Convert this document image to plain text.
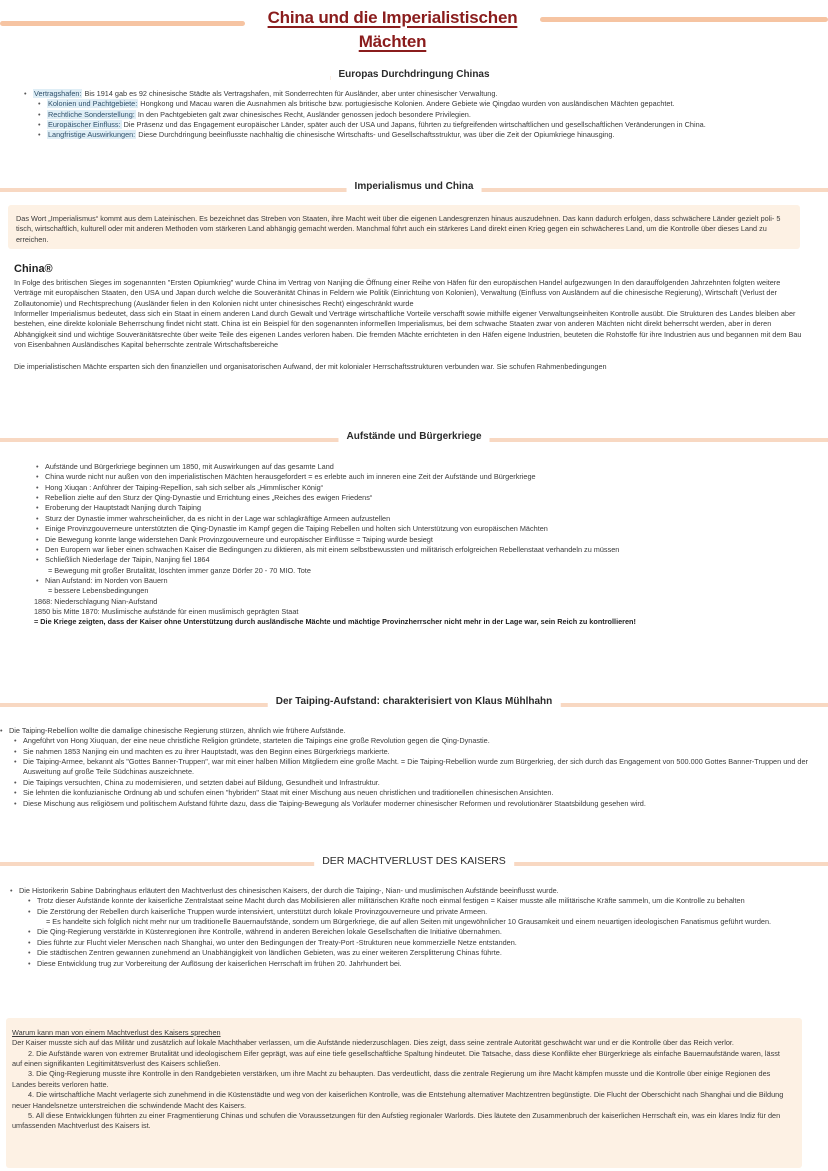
China und die Imperialistischen Mächten
Europas Durchdringung Chinas
• Vertragshafen: Bis 1914 gab es 92 chinesische Städte als Vertragshafen, mit Sonderrechten für Ausländer, aber unter chinesischer Verwaltung.
• Kolonien und Pachtgebiete: Hongkong und Macau waren die Ausnahmen als britische bzw. portugiesische Kolonien. Andere Gebiete wie Qingdao wurden von ausländischen Mächten gepachtet.
• Rechtliche Sonderstellung: In den Pachtgebieten galt zwar chinesisches Recht, Ausländer genossen jedoch besondere Privilegien.
• Europäischer Einfluss: Die Präsenz und das Engagement europäischer Länder, später auch der USA und Japans, führten zu tiefgreifenden wirtschaftlichen und gesellschaftlichen Veränderungen in China.
• Langfristige Auswirkungen: Diese Durchdringung beeinflusste nachhaltig die chinesische Wirtschafts- und Gesellschaftsstruktur, was über die Zeit der Opiumkriege hinausging.
Imperialismus und China
Das Wort „Imperialismus“ kommt aus dem Lateinischen. Es bezeichnet das Streben von Staaten, ihre Macht weit über die eigenen Landesgrenzen hinaus auszudehnen. Das kann dadurch erfolgen, dass schwächere Länder gezielt poli- 5 tisch, wirtschaftlich, kulturell oder mit anderen Methoden vom stärkeren Land abhängig gemacht werden. Manchmal führt auch ein stärkeres Land direkt einen Krieg gegen ein schwächeres Land, um die Kontrolle über dieses Land zu erreichen.
China®

In Folge des britischen Sieges im sogenannten "Ersten Opiumkrieg" wurde China im Vertrag von Nanjing die Öffnung einer Reihe von Häfen für den europäischen Handel aufgezwungen In den darauffolgenden Jahrzehnten folgten weitere Verträge mit europäischen Staaten, den USA und Japan durch welche die Souveränität Chinas in Feldern wie Politik (Einrichtung von Kolonien), Verwaltung (Einfluss von Ausländern auf die chinesische Regierung), Wirtschaft (Verlust der Zollautonomie) und Rechtsprechung (Ausländer fielen in den Kolonien nicht unter chinesisches Recht) eingeschränkt wurde

Informeller Imperialismus bedeutet, dass sich ein Staat in einem anderen Land durch Gewalt und Verträge wirtschaftliche Vorteile verschafft sowie mithilfe eigener Verwaltungseinheiten Kontrolle ausübt. Die Strukturen des Landes bleiben aber bestehen, eine direkte koloniale Beherrschung findet nicht statt. China ist ein Beispiel für den sogenannten informellen Imperialismus, bei dem schwache Staaten zwar von anderen Mächten nicht direkt beherrscht werden, aber in deren Abhängigkeit sind und wichtige Souveränitätsrechte über weite Teile des eigenen Landes verloren haben. Die fremden Mächte errichteten in den Häfen eigene Industrien, beuteten die Rohstoffe für ihre Industrien aus und begannen mit dem Bau von Eisenbahnen Ausländisches Kapital beherrschte zentrale Wirtschaftsbereiche

Die imperialistischen Mächte ersparten sich den finanziellen und organisatorischen Aufwand, der mit kolonialer Herrschaftsstrukturen verbunden war. Sie schufen Rahmenbedingungen

Aufstände und Bürgerkriege
• Aufstände und Bürgerkriege beginnen um 1850, mit Auswirkungen auf das gesamte Land
• China wurde nicht nur außen von den imperialistischen Mächten herausgefordert = es erlebte auch im inneren eine Zeit der Aufstände und Bürgerkriege
• Hong Xiuqan : Anführer der Taiping-Repellion, sah sich selber als „Himmlischer König“
• Rebellion zielte auf den Sturz der Qing-Dynastie und Errichtung eines „Reiches des ewigen Friedens“
• Eroberung der Hauptstadt Nanjing durch Taiping
• Sturz der Dynastie immer wahrscheinlicher, da es nicht in der Lage war schlagkräftige Armeen aufzustellen
• Einige Provinzgouverneure unterstützten die Qing-Dynastie im Kampf gegen die Taiping Rebellen und holten sich Unterstützung von europäischen Mächten
• Die Bewegung konnte lange widerstehen Dank Provinzgouverneure und europäischer Einflüsse = Taiping wurde besiegt
• Den Europern war lieber einen schwachen Kaiser die Bedingungen zu diktieren, als mit einem selbstbewussten und militärisch erfolgreichen Rebellenstaat verhandeln zu müssen
• Schließlich Niederlage der Taipin, Nanjing fiel 1864

= Bewegung mit großer Brutalität, löschten immer ganze Dörfer 20 - 70 MIO. Tote

• Nian Aufstand: im Norden von Bauern

= bessere Lebensbedingungen

1868: Niederschlagung Nian-Aufstand

1850 bis Mitte 1870: Muslimische aufstände für einen muslimisch geprägten Staat

= Die Kriege zeigten, dass der Kaiser ohne Unterstützung durch ausländische Mächte und mächtige Provinzherrscher nicht mehr in der Lage war, sein Reich zu kontrollieren!

Der Taiping-Aufstand: charakterisiert von Klaus Mühlhahn
• Die Taiping-Rebellion wollte die damalige chinesische Regierung stürzen, ähnlich wie frühere Aufstände.
• Angeführt von Hong Xiuquan, der eine neue christliche Religion gründete, starteten die Taipings eine große Revolution gegen die Qing-Dynastie.
• Sie nahmen 1853 Nanjing ein und machten es zu ihrer Hauptstadt, was den Beginn eines Bürgerkriegs markierte.
• Die Taiping-Armee, bekannt als "Gottes Banner-Truppen", war mit einer halben Million Mitgliedern eine große Macht. = Die Taiping-Rebellion wurde zum Bürgerkrieg, der sich durch das Engagement von 500.000 Gottes Banner-Truppen und der Ausweitung auf große Teile Südchinas auszeichnete.
• Die Taipings versuchten, China zu modernisieren, und setzten dabei auf Bildung, Gesundheit und Infrastruktur.
• Sie lehnten die konfuzianische Ordnung ab und schufen einen "hybriden" Staat mit einer Mischung aus neuen christlichen und traditionellen chinesischen Ansichten.
• Diese Mischung aus religiösem und politischem Aufstand führte dazu, dass die Taiping-Bewegung als Vorläufer moderner chinesischer Reformen und revolutionärer Staatsbildung gesehen wird.
DER MACHTVERLUST DES KAISERS
• Die Historikerin Sabine Dabringhaus erläutert den Machtverlust des chinesischen Kaisers, der durch die Taiping-, Nian- und muslimischen Aufstände beeinflusst wurde.
• Trotz dieser Aufstände konnte der kaiserliche Zentralstaat seine Macht durch das Mobilisieren aller militärischen Kräfte noch einmal festigen = Kaiser musste alle militärische Kräfte sammeln, um die Kontrolle zu behalten
• Die Zerstörung der Rebellen durch kaiserliche Truppen wurde intensiviert, unterstützt durch lokale Provinzgouverneure und private Armeen.

= Es handelte sich folglich nicht mehr nur um traditionelle Bauernaufstände, sondern um Bürgerkriege, die auf allen Seiten mit ungewöhnlicher 10 Grausamkeit und einem neuartigen ideologischen Fanatismus geführt wurden.

• Die Qing-Regierung verstärkte in Küstenregionen ihre Kontrolle, während in anderen Bereichen lokale Gesellschaften die Initiative übernahmen.
• Dies führte zur Flucht vieler Menschen nach Shanghai, wo unter den Bedingungen der Treaty-Port -Strukturen neue kommerzielle Netze entstanden.
• Die städtischen Zentren gewannen zunehmend an Unabhängigkeit von ländlichen Gebieten, was zu einer weiteren Zersplitterung Chinas führte.
• Diese Entwicklung trug zur Vorbereitung der Auflösung der kaiserlichen Herrschaft im frühen 20. Jahrhundert bei.

Warum kann man von einem Machtverlust des Kaisers sprechen

Der Kaiser musste sich auf das Militär und zusätzlich auf lokale Machthaber verlassen, um die Aufstände niederzuschlagen. Dies zeigt, dass seine zentrale Autorität geschwächt war und er die Kontrolle über das Reich verlor.

2. Die Aufstände waren von extremer Brutalität und ideologischem Eifer geprägt, was auf eine tiefe gesellschaftliche Spaltung hindeutet. Die Tatsache, dass diese Konflikte eher Bürgerkriege als einfache Bauernaufstände waren, lässt auf einen signifikanten Legitimitätsverlust des Kaisers schließen.

3. Die Qing-Regierung musste ihre Kontrolle in den Randgebieten verstärken, um ihre Macht zu behaupten. Das verdeutlicht, dass die zentrale Regierung um ihre Macht kämpfen musste und die Kontrolle über einige Regionen des Landes bereits verloren hatte.

4. Die wirtschaftliche Macht verlagerte sich zunehmend in die Küstenstädte und weg von der kaiserlichen Kontrolle, was die Entstehung alternativer Machtzentren begünstigte. Die Flucht der Oberschicht nach Shanghai und die Bildung neuer Handelsnetze unterstreichen die schwindende Macht des Kaisers.

5. All diese Entwicklungen führten zu einer Fragmentierung Chinas und schufen die Voraussetzungen für den Aufstieg regionaler Warlords. Dies läutete den Zusammenbruch der kaiserlichen Herrschaft ein, was ein klares Indiz für den umfassenden Machtverlust des Kaisers ist.
